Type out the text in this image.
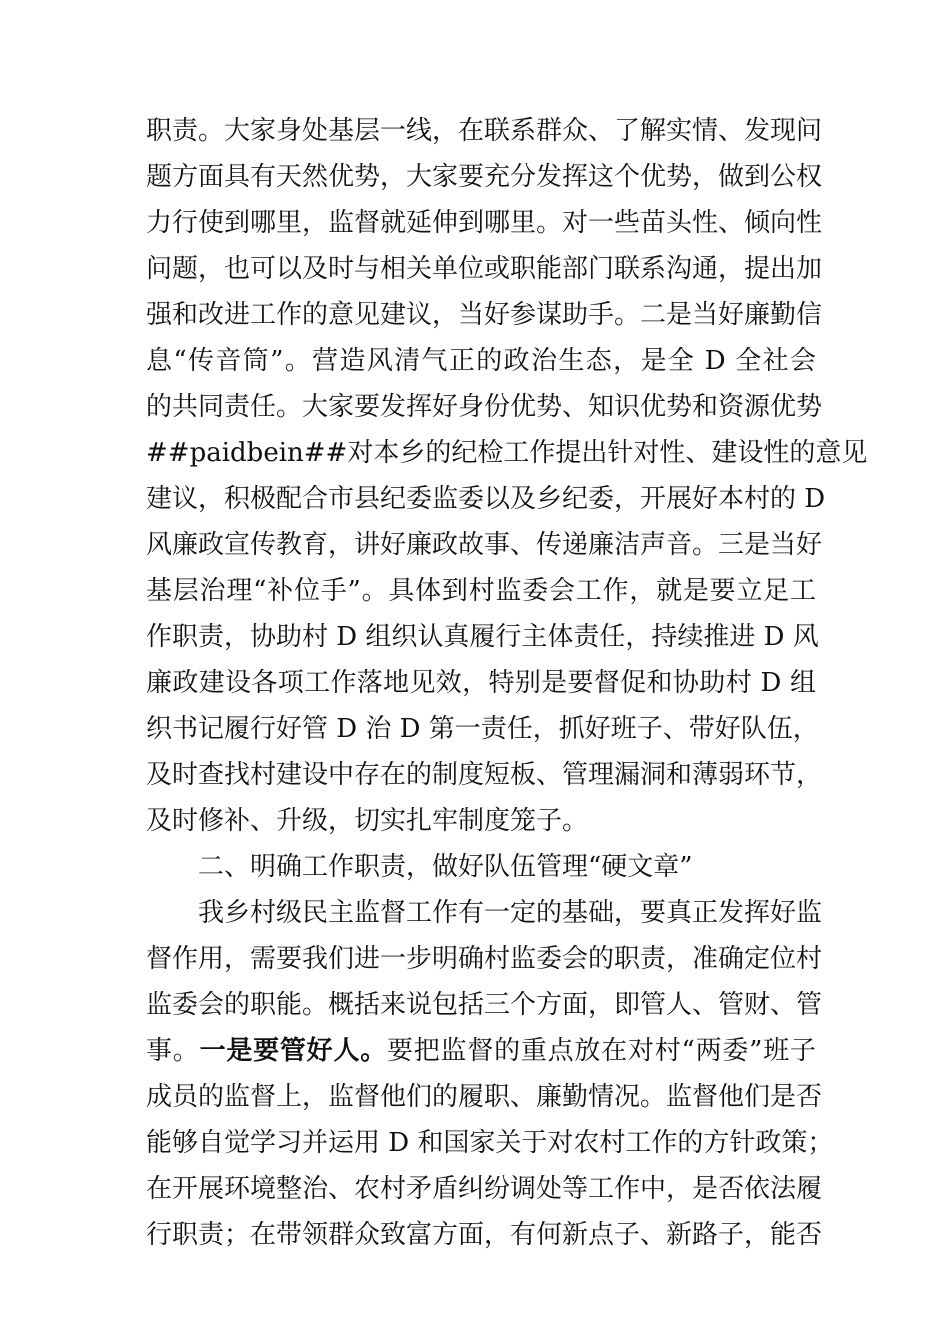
职责。大家身处基层一线，在联系群众、了解实情、发现问
题方面具有天然优势，大家要充分发挥这个优势，做到公权
力行使到哪里，监督就延伸到哪里。对一些苗头性、倾向性
问题，也可以及时与相关单位或职能部门联系沟通，提出加
强和改进工作的意见建议，当好参谋助手。二是当好廉勤信
息“传音筒”。营造风清气正的政治生态，是全 D 全社会
的共同责任。大家要发挥好身份优势、知识优势和资源优势
##paidbein##对本乡的纪检工作提出针对性、建设性的意见
建议，积极配合市县纪委监委以及乡纪委，开展好本村的 D
风廉政宣传教育，讲好廉政故事、传递廉洁声音。三是当好
基层治理“补位手”。具体到村监委会工作，就是要立足工
作职责，协助村 D 组织认真履行主体责任，持续推进 D 风
廉政建设各项工作落地见效，特别是要督促和协助村 D 组
织书记履行好管 D 治 D 第一责任，抓好班子、带好队伍，
及时查找村建设中存在的制度短板、管理漏洞和薄弱环节，
及时修补、升级，切实扎牢制度笼子。
二、明确工作职责，做好队伍管理“硬文章”
我乡村级民主监督工作有一定的基础，要真正发挥好监
督作用，需要我们进一步明确村监委会的职责，准确定位村
监委会的职能。概括来说包括三个方面，即管人、管财、管
事。一是要管好人。要把监督的重点放在对村“两委”班子
成员的监督上，监督他们的履职、廉勤情况。监督他们是否
能够自觉学习并运用 D 和国家关于对农村工作的方针政策；
在开展环境整治、农村矛盾纠纷调处等工作中，是否依法履
行职责；在带领群众致富方面，有何新点子、新路子，能否
